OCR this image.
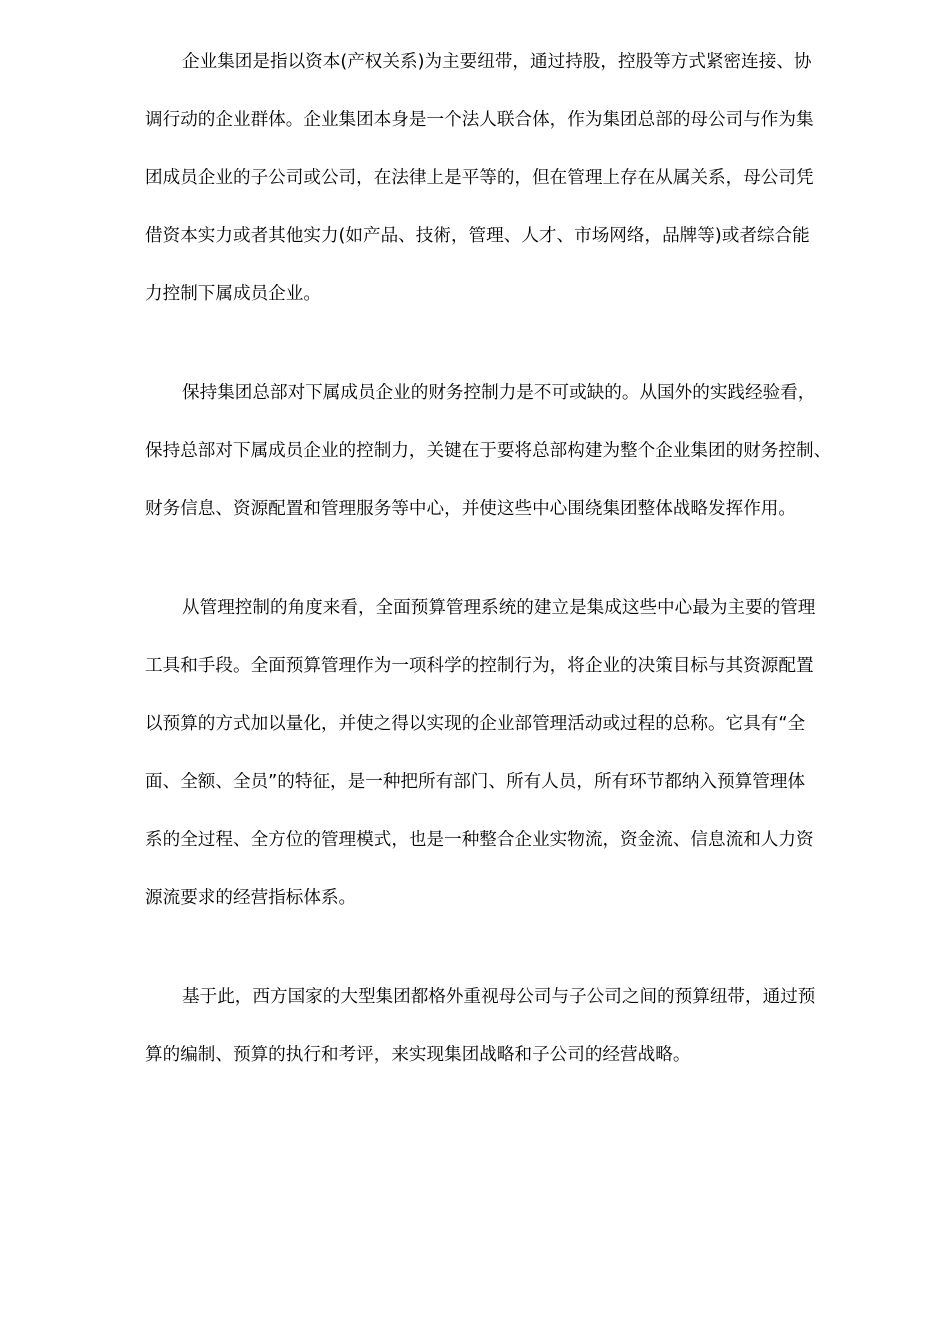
企业集团是指以资本(产权关系)为主要纽带，通过持股，控股等方式紧密连接、协
调行动的企业群体。企业集团本身是一个法人联合体，作为集团总部的母公司与作为集
团成员企业的子公司或公司，在法律上是平等的，但在管理上存在从属关系，母公司凭
借资本实力或者其他实力(如产品、技術，管理、人才、市场网络，品牌等)或者综合能
力控制下属成员企业。

保持集团总部对下属成员企业的财务控制力是不可或缺的。从国外的实践经验看，
保持总部对下属成员企业的控制力，关键在于要将总部构建为整个企业集团的财务控制、
财务信息、资源配置和管理服务等中心，并使这些中心围绕集团整体战略发挥作用。

从管理控制的角度来看，全面预算管理系统的建立是集成这些中心最为主要的管理
工具和手段。全面预算管理作为一项科学的控制行为，将企业的决策目标与其资源配置
以预算的方式加以量化，并使之得以实现的企业部管理活动或过程的总称。它具有“全
面、全额、全员”的特征，是一种把所有部门、所有人员，所有环节都纳入预算管理体
系的全过程、全方位的管理模式，也是一种整合企业实物流，资金流、信息流和人力资
源流要求的经营指标体系。

基于此，西方国家的大型集团都格外重视母公司与子公司之间的预算纽带，通过预
算的编制、预算的执行和考评，来实现集团战略和子公司的经营战略。
